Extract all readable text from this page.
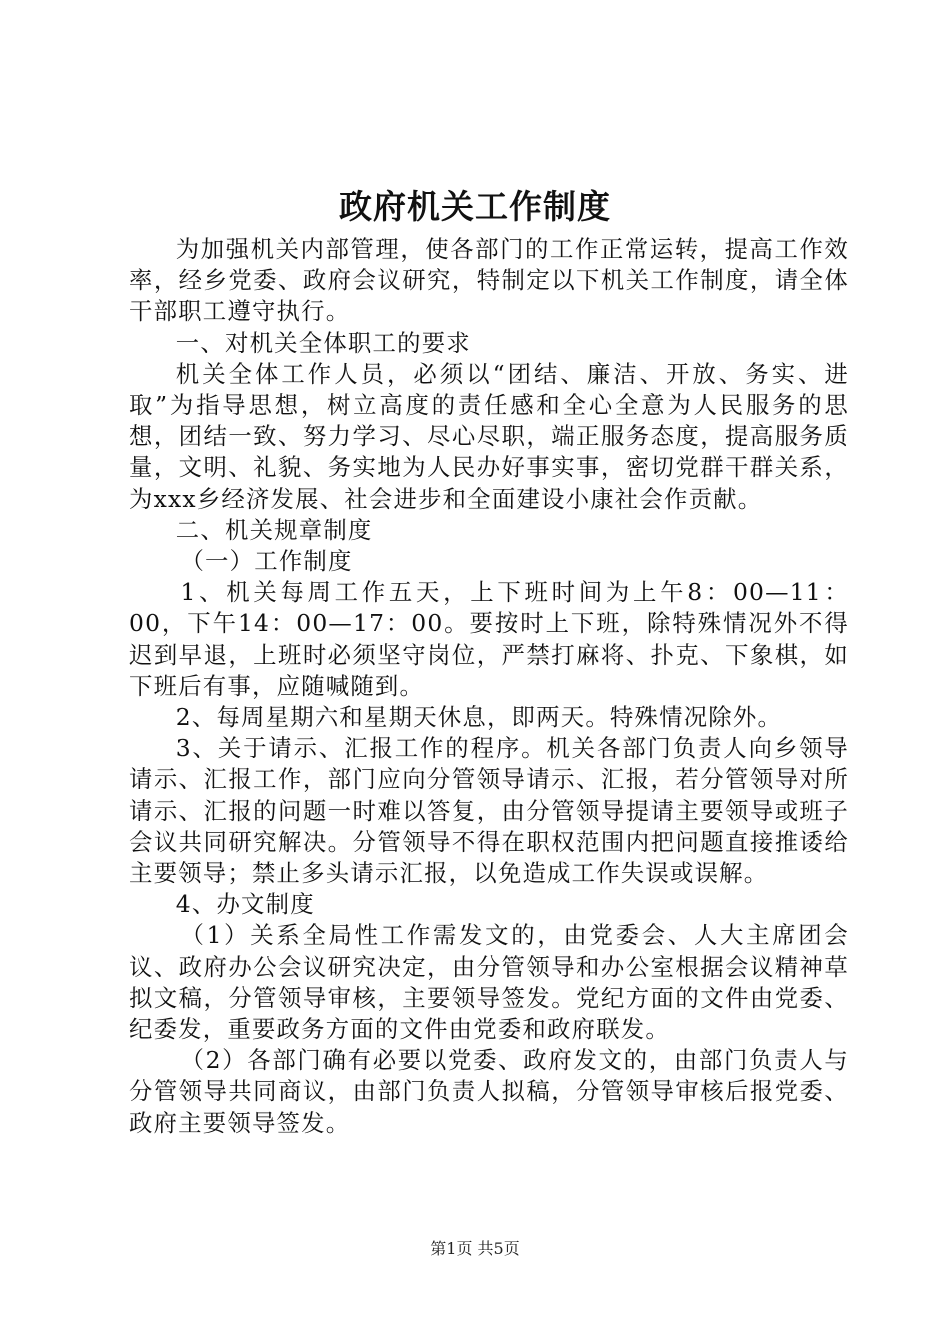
政府机关工作制度

为加强机关内部管理，使各部门的工作正常运转，提高工作效率，经乡党委、政府会议研究，特制定以下机关工作制度，请全体干部职工遵守执行。

一、对机关全体职工的要求

机关全体工作人员，必须以“团结、廉洁、开放、务实、进取”为指导思想，树立高度的责任感和全心全意为人民服务的思想，团结一致、努力学习、尽心尽职，端正服务态度，提高服务质量，文明、礼貌、务实地为人民办好事实事，密切党群干群关系，为xxx乡经济发展、社会进步和全面建设小康社会作贡献。

二、机关规章制度

（一）工作制度

1、机关每周工作五天，上下班时间为上午8：00—11：00，下午14：00—17：00。要按时上下班，除特殊情况外不得迟到早退，上班时必须坚守岗位，严禁打麻将、扑克、下象棋，如下班后有事，应随喊随到。

2、每周星期六和星期天休息，即两天。特殊情况除外。

3、关于请示、汇报工作的程序。机关各部门负责人向乡领导请示、汇报工作，部门应向分管领导请示、汇报，若分管领导对所请示、汇报的问题一时难以答复，由分管领导提请主要领导或班子会议共同研究解决。分管领导不得在职权范围内把问题直接推诿给主要领导；禁止多头请示汇报，以免造成工作失误或误解。

4、办文制度

（1）关系全局性工作需发文的，由党委会、人大主席团会议、政府办公会议研究决定，由分管领导和办公室根据会议精神草拟文稿，分管领导审核，主要领导签发。党纪方面的文件由党委、纪委发，重要政务方面的文件由党委和政府联发。

（2）各部门确有必要以党委、政府发文的，由部门负责人与分管领导共同商议，由部门负责人拟稿，分管领导审核后报党委、政府主要领导签发。

第1页 共5页
